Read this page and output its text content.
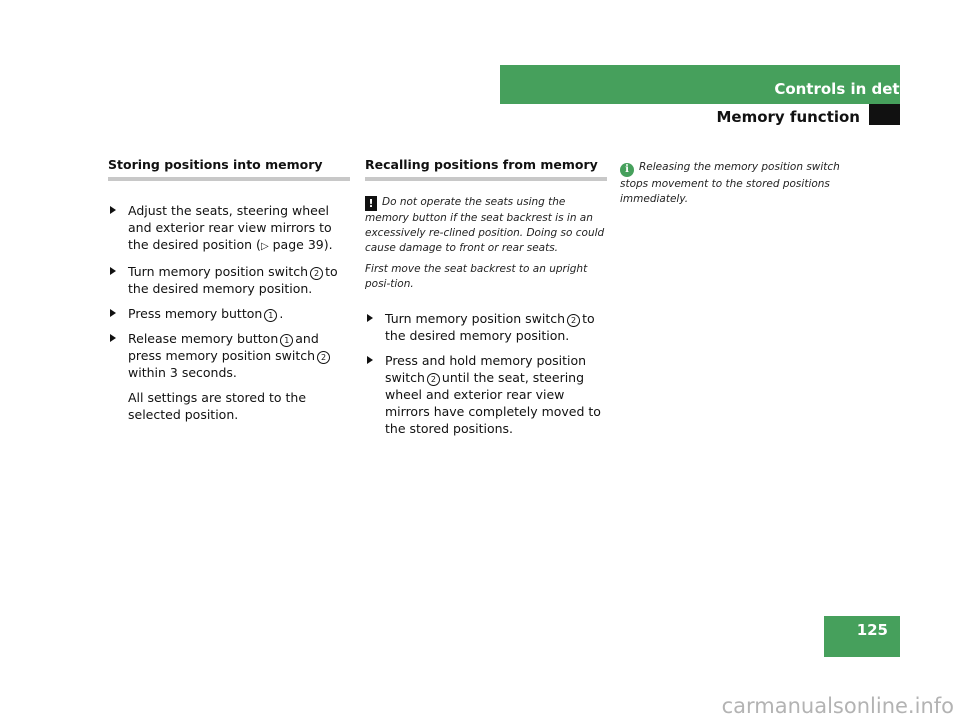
Controls in detail
Memory function
Storing positions into memory
Adjust the seats, steering wheel and exterior rear view mirrors to the desired position (▷ page 39).
Turn memory position switch 2 to the desired memory position.
Press memory button 1 .
Release memory button 1 and press memory position switch 2within 3 seconds.
All settings are stored to the selected position.
Recalling positions from memory
! Do not operate the seats using the memory button if the seat backrest is in an excessively re-clined position. Doing so could cause damage to front or rear seats.
First move the seat backrest to an upright posi-tion.
Turn memory position switch 2 to the desired memory position.
Press and hold memory position switch 2 until the seat, steering wheel and exterior rear view mirrors have completely moved to the stored positions.
i Releasing the memory position switch stops movement to the stored positions immediately.
125
carmanualsonline.info
